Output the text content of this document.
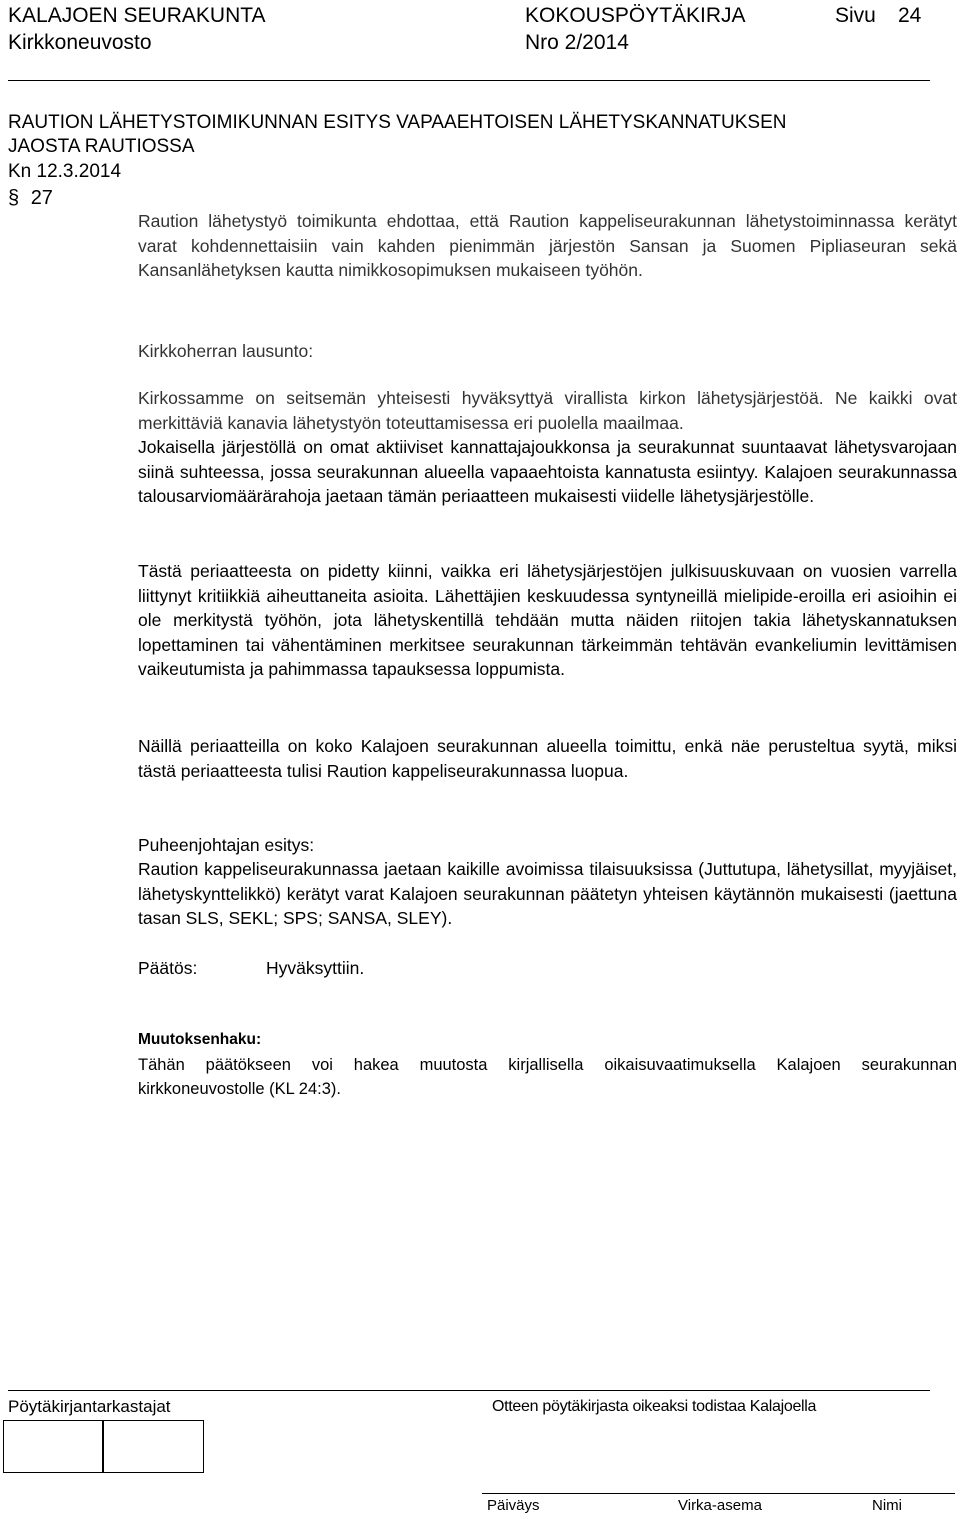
KALAJOEN SEURAKUNTA	KOKOUSPÖYTÄKIRJA	Sivu 24
Kirkkoneuvosto	Nro 2/2014
RAUTION LÄHETYSTOIMIKUNNAN ESITYS VAPAAEHTOISEN LÄHETYSKANNATUKSEN
JAOSTA RAUTIOSSA
Kn 12.3.2014
§ 27
Raution lähetystyö toimikunta ehdottaa, että Raution kappeliseurakunnan lähetystoiminnassa kerätyt varat kohdennettaisiin vain kahden pienimmän järjestön Sansan ja Suomen Pipliaseuran sekä Kansanlähetyksen kautta nimikkosopimuksen mukaiseen työhön.
Kirkkoherran lausunto:
Kirkossamme on seitsemän yhteisesti hyväksyttyä virallista kirkon lähetysjärjestöä. Ne kaikki ovat merkittäviä kanavia lähetystyön toteuttamisessa eri puolella maailmaa.
Jokaisella järjestöllä on omat aktiiviset kannattajajoukkonsa ja seurakunnat suuntaavat lähetysvarojaan siinä suhteessa, jossa seurakunnan alueella vapaaehtoista kannatusta esiintyy. Kalajoen seurakunnassa talousarviomäärärahoja jaetaan tämän periaatteen mukaisesti viidelle lähetysjärjestölle.
Tästä periaatteesta on pidetty kiinni, vaikka eri lähetysjärjestöjen julkisuuskuvaan on vuosien varrella liittynyt kritiikkiä aiheuttaneita asioita. Lähettäjien keskuudessa syntyneillä mielipide-eroilla eri asioihin ei ole merkitystä työhön, jota lähetyskentillä tehdään mutta näiden riitojen takia lähetyskannatuksen lopettaminen tai vähentäminen merkitsee seurakunnan tärkeimmän tehtävän evankeliumin levittämisen vaikeutumista ja pahimmassa tapauksessa loppumista.
Näillä periaatteilla on koko Kalajoen seurakunnan alueella toimittu, enkä näe perusteltua syytä, miksi tästä periaatteesta tulisi Raution kappeliseurakunnassa luopua.
Puheenjohtajan esitys:
Raution kappeliseurakunnassa jaetaan kaikille avoimissa tilaisuuksissa (Juttutupa, lähetysillat, myyjäiset, lähetyskynttelikkö) kerätyt varat Kalajoen seurakunnan päätetyn yhteisen käytännön mukaisesti (jaettuna tasan SLS, SEKL; SPS; SANSA, SLEY).
Päätös:	Hyväksyttiin.
Muutoksenhaku:
Tähän päätökseen voi hakea muutosta kirjallisella oikaisuvaatimuksella Kalajoen seurakunnan kirkkoneuvostolle (KL 24:3).
Pöytäkirjantarkastajat	Otteen pöytäkirjasta oikeaksi todistaa Kalajoella
Päiväys	Virka-asema	Nimi
